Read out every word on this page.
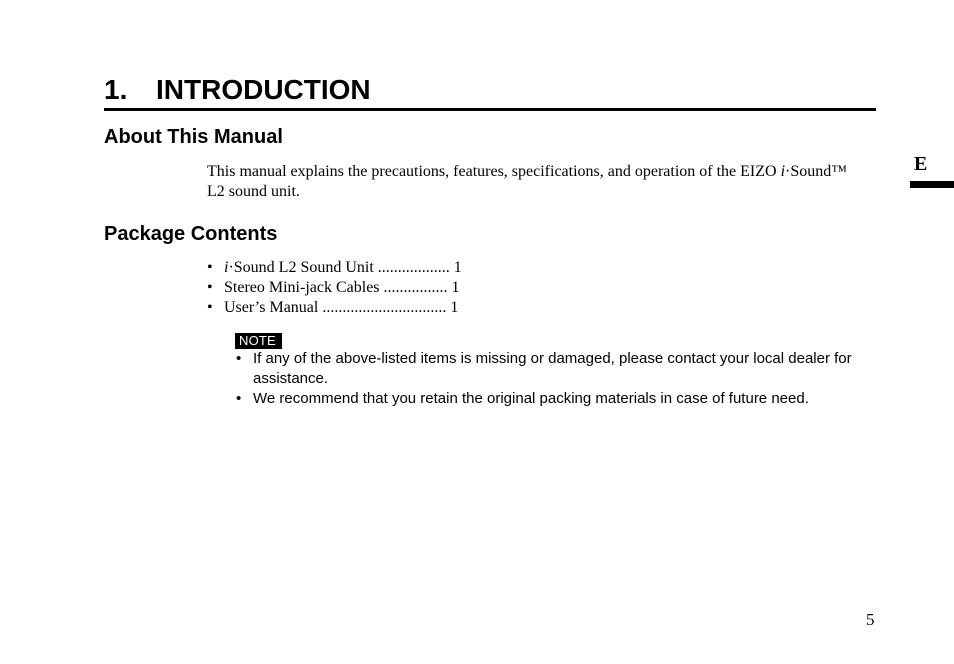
1. INTRODUCTION
E
About This Manual

This manual explains the precautions, features, specifications, and operation of the EIZO i·Sound™ L2 sound unit.

Package Contents
• i·Sound L2 Sound Unit .................. 1
• Stereo Mini-jack Cables ................ 1
• User’s Manual ............................... 1
NOTE
• If any of the above-listed items is missing or damaged, please contact your local dealer for assistance.
• We recommend that you retain the original packing materials in case of future need.
5
